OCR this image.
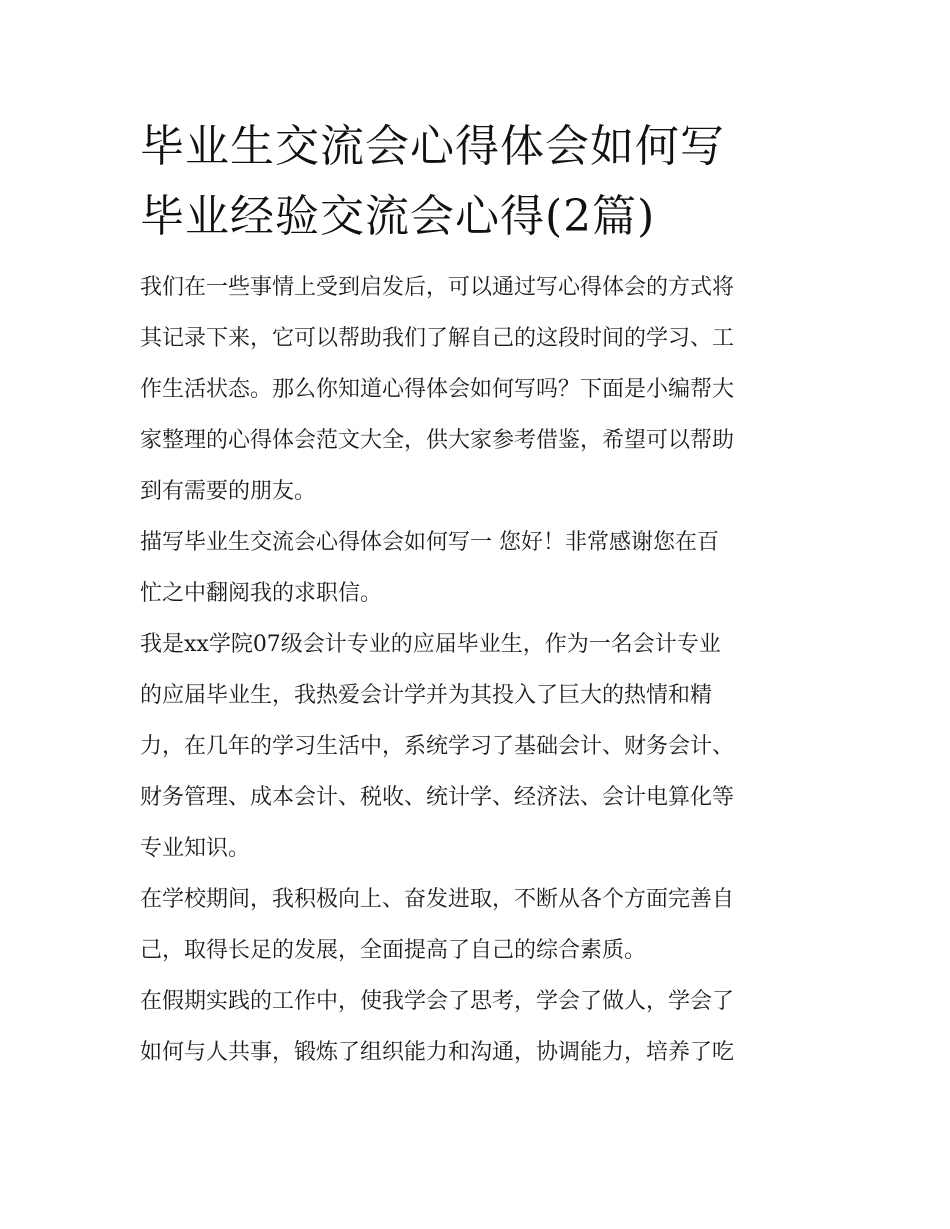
毕业生交流会心得体会如何写
毕业经验交流会心得(2篇)
我们在一些事情上受到启发后，可以通过写心得体会的方式将
其记录下来，它可以帮助我们了解自己的这段时间的学习、工
作生活状态。那么你知道心得体会如何写吗？下面是小编帮大
家整理的心得体会范文大全，供大家参考借鉴，希望可以帮助
到有需要的朋友。
描写毕业生交流会心得体会如何写一 您好！非常感谢您在百
忙之中翻阅我的求职信。
我是xx学院07级会计专业的应届毕业生，作为一名会计专业
的应届毕业生，我热爱会计学并为其投入了巨大的热情和精
力，在几年的学习生活中，系统学习了基础会计、财务会计、
财务管理、成本会计、税收、统计学、经济法、会计电算化等
专业知识。
在学校期间，我积极向上、奋发进取，不断从各个方面完善自
己，取得长足的发展，全面提高了自己的综合素质。
在假期实践的工作中，使我学会了思考，学会了做人，学会了
如何与人共事，锻炼了组织能力和沟通，协调能力，培养了吃
